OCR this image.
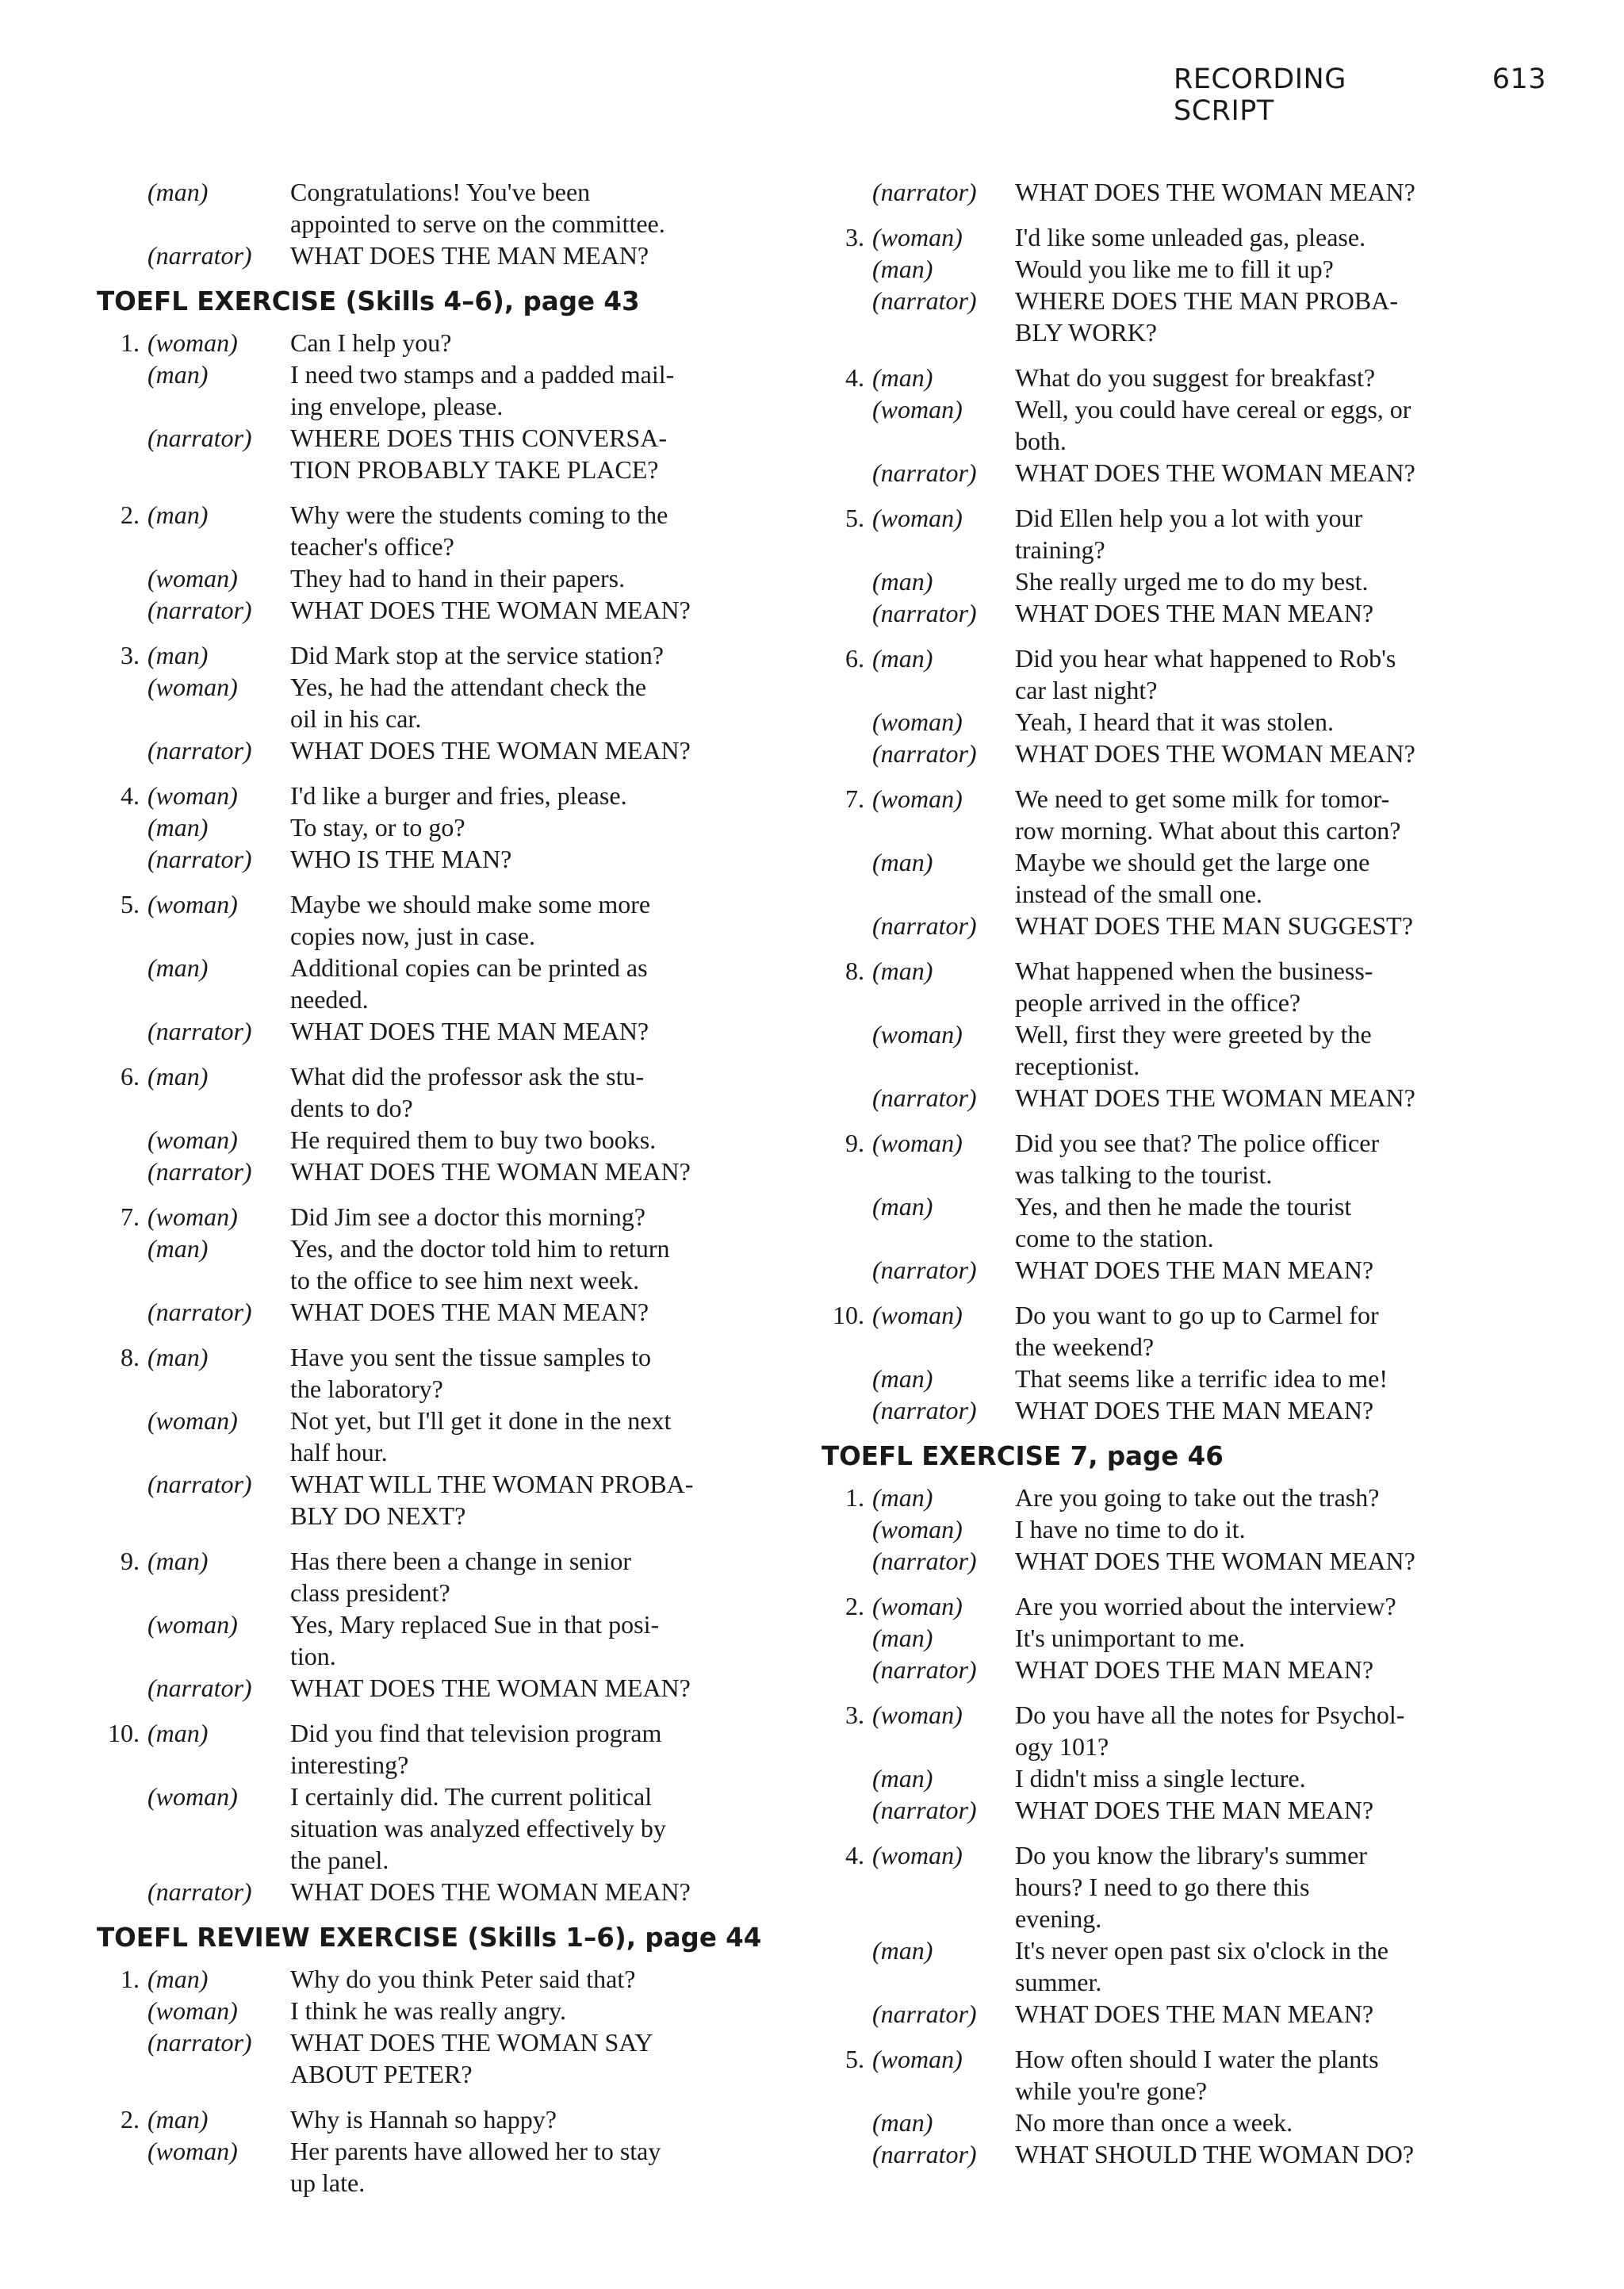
RECORDING SCRIPT
613
(man)	Congratulations! You've been
appointed to serve on the committee.
(narrator)	WHAT DOES THE MAN MEAN?
TOEFL EXERCISE (Skills 4–6), page 43
1. (woman)	Can I help you?
(man)	I need two stamps and a padded mail-
ing envelope, please.
(narrator)	WHERE DOES THIS CONVERSA-
TION PROBABLY TAKE PLACE?
2. (man)	Why were the students coming to the
teacher's office?
(woman)	They had to hand in their papers.
(narrator)	WHAT DOES THE WOMAN MEAN?
3. (man)	Did Mark stop at the service station?
(woman)	Yes, he had the attendant check the
oil in his car.
(narrator)	WHAT DOES THE WOMAN MEAN?
4. (woman)	I'd like a burger and fries, please.
(man)	To stay, or to go?
(narrator)	WHO IS THE MAN?
5. (woman)	Maybe we should make some more
copies now, just in case.
(man)	Additional copies can be printed as
needed.
(narrator)	WHAT DOES THE MAN MEAN?
6. (man)	What did the professor ask the stu-
dents to do?
(woman)	He required them to buy two books.
(narrator)	WHAT DOES THE WOMAN MEAN?
7. (woman)	Did Jim see a doctor this morning?
(man)	Yes, and the doctor told him to return
to the office to see him next week.
(narrator)	WHAT DOES THE MAN MEAN?
8. (man)	Have you sent the tissue samples to
the laboratory?
(woman)	Not yet, but I'll get it done in the next
half hour.
(narrator)	WHAT WILL THE WOMAN PROBA-
BLY DO NEXT?
9. (man)	Has there been a change in senior
class president?
(woman)	Yes, Mary replaced Sue in that posi-
tion.
(narrator)	WHAT DOES THE WOMAN MEAN?
10. (man)	Did you find that television program
interesting?
(woman)	I certainly did. The current political
situation was analyzed effectively by
the panel.
(narrator)	WHAT DOES THE WOMAN MEAN?
TOEFL REVIEW EXERCISE (Skills 1–6), page 44
1. (man)	Why do you think Peter said that?
(woman)	I think he was really angry.
(narrator)	WHAT DOES THE WOMAN SAY
ABOUT PETER?
2. (man)	Why is Hannah so happy?
(woman)	Her parents have allowed her to stay
up late.
(narrator)	WHAT DOES THE WOMAN MEAN?
3. (woman)	I'd like some unleaded gas, please.
(man)	Would you like me to fill it up?
(narrator)	WHERE DOES THE MAN PROBA-
BLY WORK?
4. (man)	What do you suggest for breakfast?
(woman)	Well, you could have cereal or eggs, or
both.
(narrator)	WHAT DOES THE WOMAN MEAN?
5. (woman)	Did Ellen help you a lot with your
training?
(man)	She really urged me to do my best.
(narrator)	WHAT DOES THE MAN MEAN?
6. (man)	Did you hear what happened to Rob's
car last night?
(woman)	Yeah, I heard that it was stolen.
(narrator)	WHAT DOES THE WOMAN MEAN?
7. (woman)	We need to get some milk for tomor-
row morning. What about this carton?
(man)	Maybe we should get the large one
instead of the small one.
(narrator)	WHAT DOES THE MAN SUGGEST?
8. (man)	What happened when the business-
people arrived in the office?
(woman)	Well, first they were greeted by the
receptionist.
(narrator)	WHAT DOES THE WOMAN MEAN?
9. (woman)	Did you see that? The police officer
was talking to the tourist.
(man)	Yes, and then he made the tourist
come to the station.
(narrator)	WHAT DOES THE MAN MEAN?
10. (woman)	Do you want to go up to Carmel for
the weekend?
(man)	That seems like a terrific idea to me!
(narrator)	WHAT DOES THE MAN MEAN?
TOEFL EXERCISE 7, page 46
1. (man)	Are you going to take out the trash?
(woman)	I have no time to do it.
(narrator)	WHAT DOES THE WOMAN MEAN?
2. (woman)	Are you worried about the interview?
(man)	It's unimportant to me.
(narrator)	WHAT DOES THE MAN MEAN?
3. (woman)	Do you have all the notes for Psychol-
ogy 101?
(man)	I didn't miss a single lecture.
(narrator)	WHAT DOES THE MAN MEAN?
4. (woman)	Do you know the library's summer
hours? I need to go there this
evening.
(man)	It's never open past six o'clock in the
summer.
(narrator)	WHAT DOES THE MAN MEAN?
5. (woman)	How often should I water the plants
while you're gone?
(man)	No more than once a week.
(narrator)	WHAT SHOULD THE WOMAN DO?
